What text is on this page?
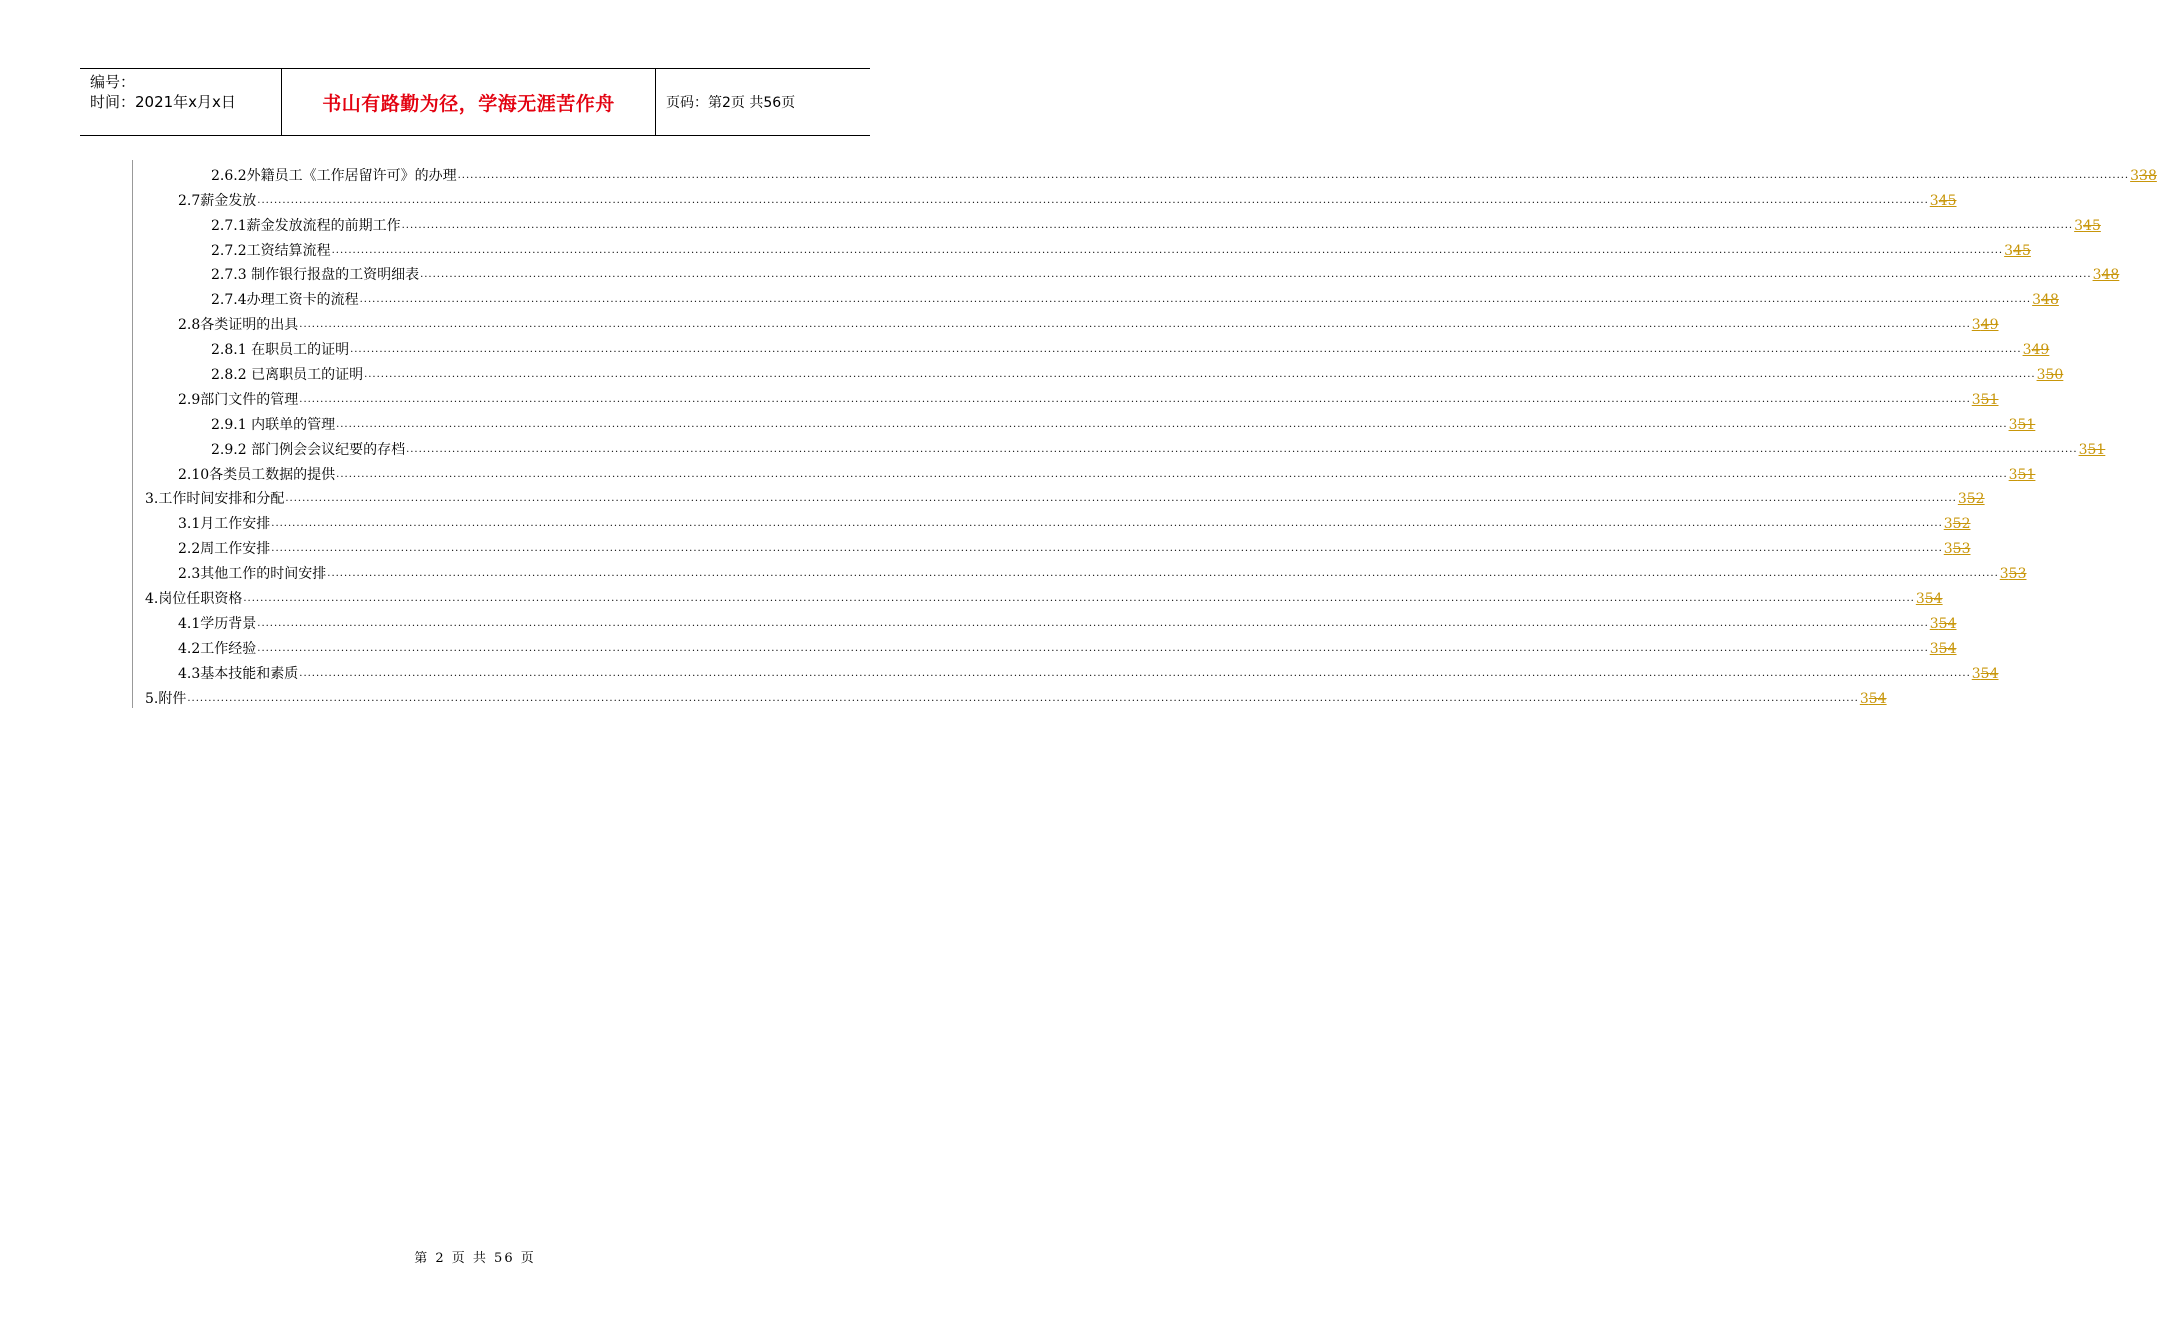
编号：
时间：2021年x月x日	书山有路勤为径，学海无涯苦作舟	页码：第2页 共56页
2.6.2外籍员工《工作居留许可》的办理 ................................................................................................................................................................................................................................................................................................................................................................................................................ 338
2.7薪金发放 ................................................................................................................................................................................................................................................................................................................................................................................................................ 345
2.7.1薪金发放流程的前期工作 ................................................................................................................................................................................................................................................................................................................................................................................................................ 345
2.7.2工资结算流程 ................................................................................................................................................................................................................................................................................................................................................................................................................ 345
2.7.3 制作银行报盘的工资明细表 ................................................................................................................................................................................................................................................................................................................................................................................................................ 348
2.7.4办理工资卡的流程 ................................................................................................................................................................................................................................................................................................................................................................................................................ 348
2.8各类证明的出具 ................................................................................................................................................................................................................................................................................................................................................................................................................ 349
2.8.1 在职员工的证明 ................................................................................................................................................................................................................................................................................................................................................................................................................ 349
2.8.2 已离职员工的证明 ................................................................................................................................................................................................................................................................................................................................................................................................................ 350
2.9部门文件的管理 ................................................................................................................................................................................................................................................................................................................................................................................................................ 351
2.9.1 内联单的管理 ................................................................................................................................................................................................................................................................................................................................................................................................................ 351
2.9.2 部门例会会议纪要的存档 ................................................................................................................................................................................................................................................................................................................................................................................................................ 351
2.10各类员工数据的提供 ................................................................................................................................................................................................................................................................................................................................................................................................................ 351
3.工作时间安排和分配 ................................................................................................................................................................................................................................................................................................................................................................................................................ 352
3.1月工作安排 ................................................................................................................................................................................................................................................................................................................................................................................................................ 352
2.2周工作安排 ................................................................................................................................................................................................................................................................................................................................................................................................................ 353
2.3其他工作的时间安排 ................................................................................................................................................................................................................................................................................................................................................................................................................ 353
4.岗位任职资格 ................................................................................................................................................................................................................................................................................................................................................................................................................ 354
4.1学历背景 ................................................................................................................................................................................................................................................................................................................................................................................................................ 354
4.2工作经验 ................................................................................................................................................................................................................................................................................................................................................................................................................ 354
4.3基本技能和素质 ................................................................................................................................................................................................................................................................................................................................................................................................................ 354
5.附件 ................................................................................................................................................................................................................................................................................................................................................................................................................ 354
第 2 页 共 56 页
